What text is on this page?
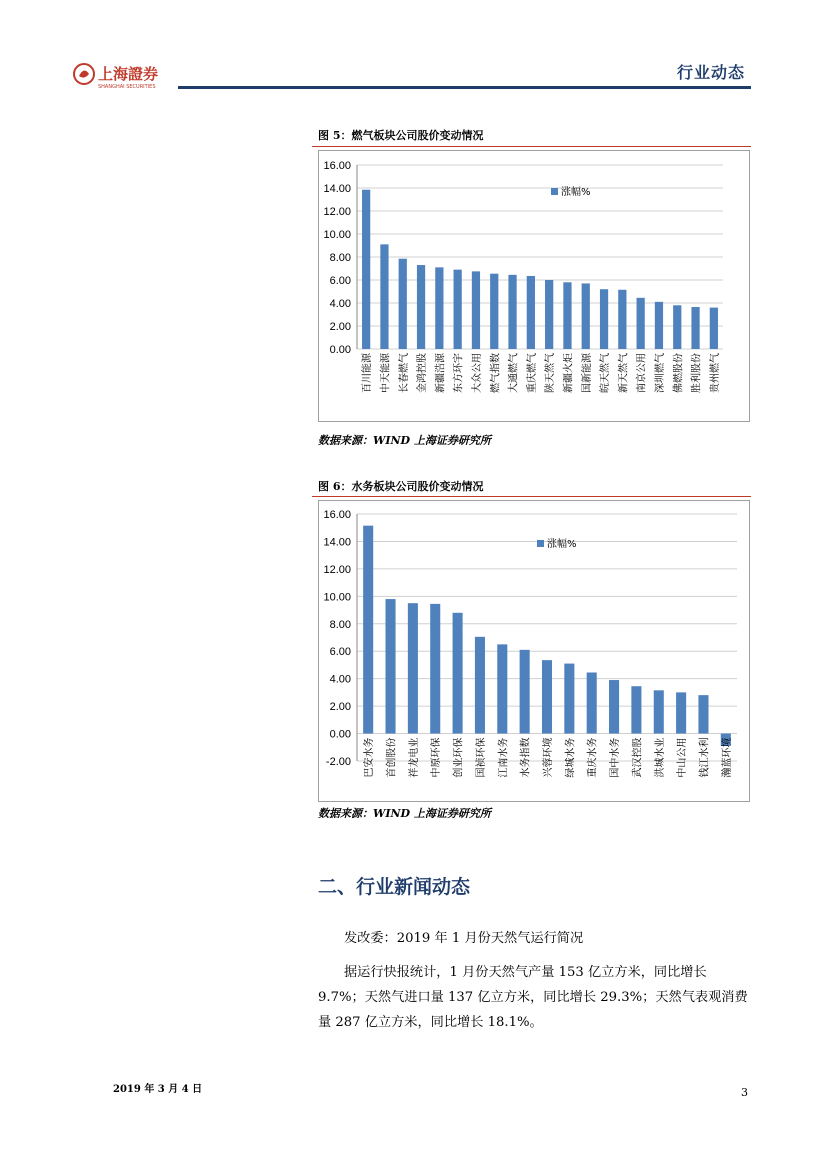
上海證券
SHANGHAI SECURITIES
行业动态
图 5：燃气板块公司股价变动情况
0.00
2.00
4.00
6.00
8.00
10.00
12.00
14.00
16.00
百川能源 中天能源 长春燃气 金鸿控股 新疆浩源 东方环宇 大众公用 燃气指数 大通燃气 重庆燃气 陕天然气 新疆火炬 国新能源 皖天然气 新天然气 南京公用 深圳燃气 佛燃股份 胜利股份 贵州燃气
涨幅%
数据来源：WIND 上海证券研究所
图 6：水务板块公司股价变动情况
-2.00
0.00
2.00
4.00
6.00
8.00
10.00
12.00
14.00
16.00
巴安水务 首创股份 祥龙电业 中原环保 创业环保 国祯环保 江南水务 水务指数 兴蓉环境 绿城水务 重庆水务 国中水务 武汉控股 洪城水业 中山公用 钱江水利 瀚蓝环境
涨幅%
数据来源：WIND 上海证券研究所
二、行业新闻动态
发改委：2019 年 1 月份天然气运行简况
据运行快报统计，1 月份天然气产量 153 亿立方米，同比增长 9.7%；天然气进口量 137 亿立方米，同比增长 29.3%；天然气表观消费量 287 亿立方米，同比增长 18.1%。
2019 年 3 月 4 日	3
